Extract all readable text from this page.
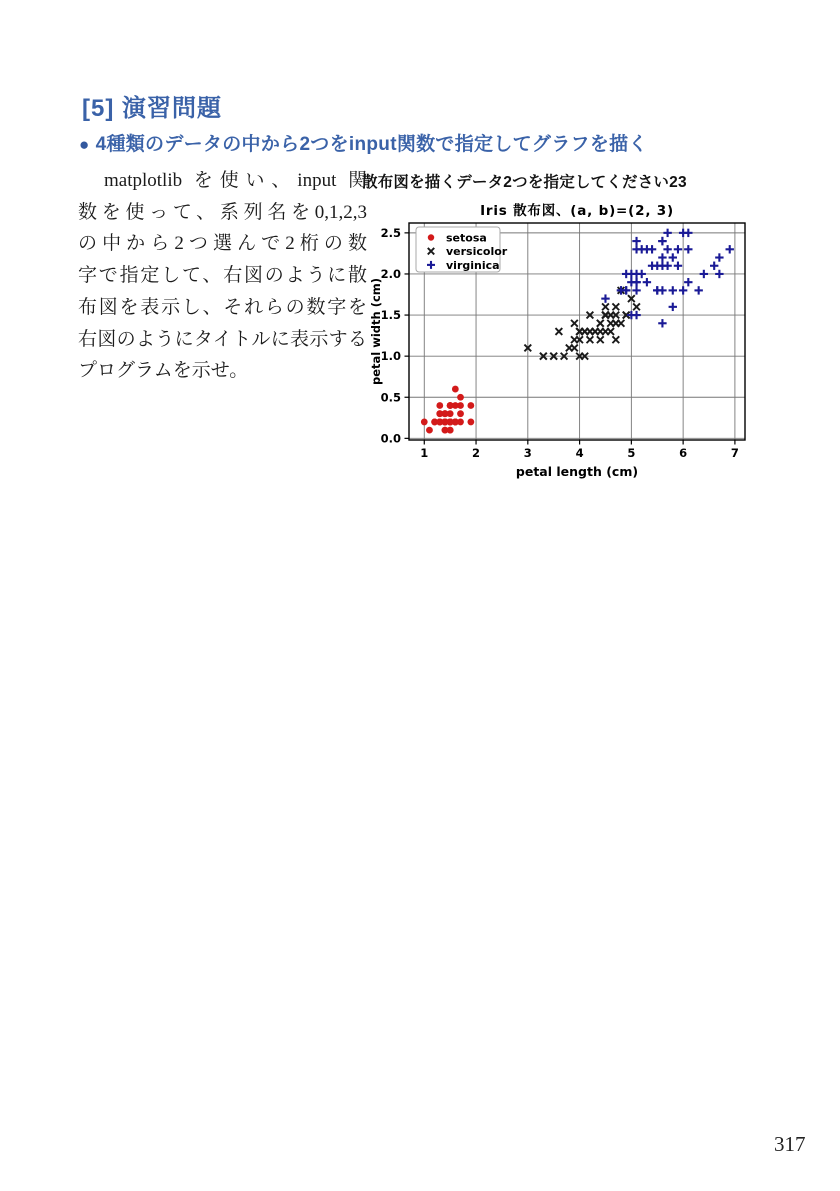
[5] 演習問題
● 4種類のデータの中から2つをinput関数で指定してグラフを描く
matplotlib を使い、input 関
数を使って、系列名を0,1,2,3
の中から2つ選んで2桁の数
字で指定して、右図のように散
布図を表示し、それらの数字を
右図のようにタイトルに表示する
プログラムを示せ。
散布図を描くデータ2つを指定してください23
1	2	3	4	5	6	7
0.0
0.5
1.0
1.5
2.0
2.5
Iris 散布図、(a, b)=(2, 3)
petal length (cm)
petal width (cm)
setosa
versicolor
virginica
317
